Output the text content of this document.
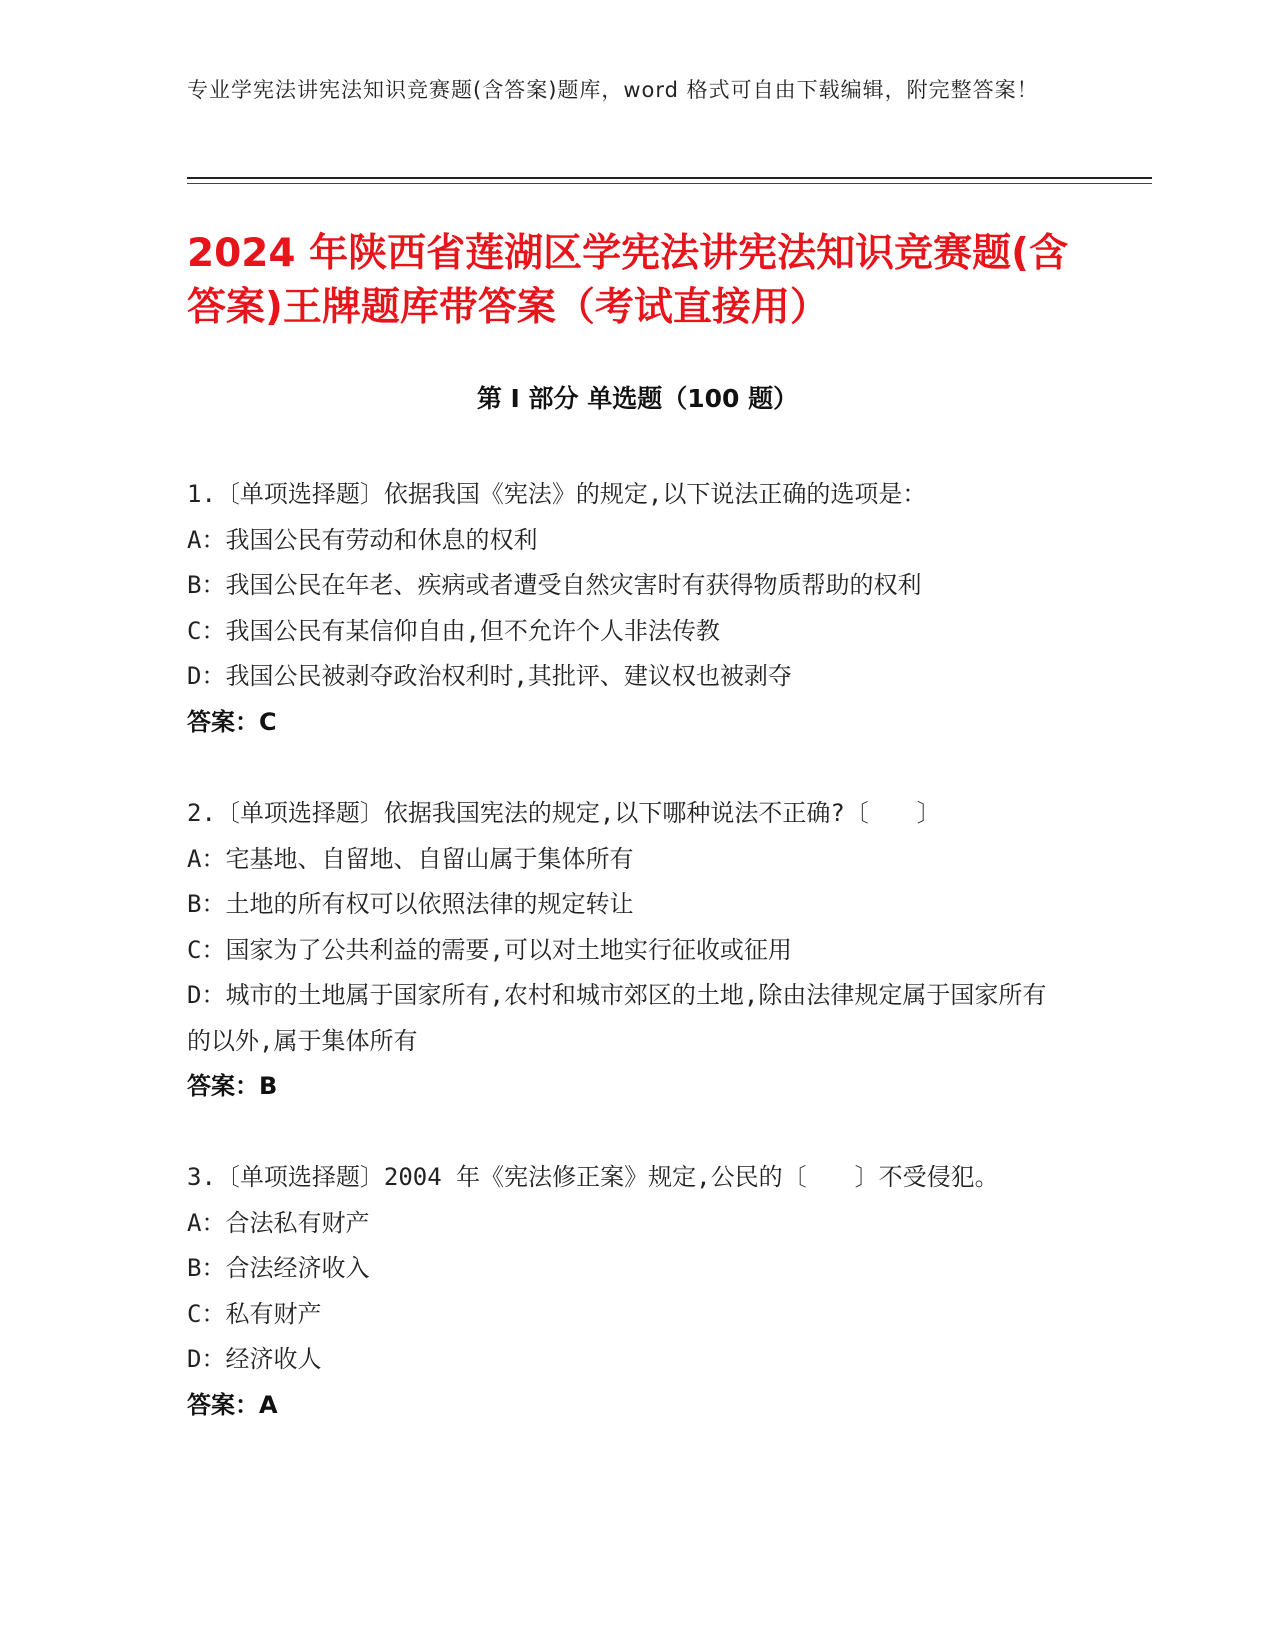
专业学宪法讲宪法知识竞赛题(含答案)题库，word 格式可自由下载编辑，附完整答案！
2024 年陕西省莲湖区学宪法讲宪法知识竞赛题(含答案)王牌题库带答案（考试直接用）
第 I 部分 单选题（100 题）
1.〔单项选择题〕依据我国《宪法》的规定,以下说法正确的选项是：
A：我国公民有劳动和休息的权利
B：我国公民在年老、疾病或者遭受自然灾害时有获得物质帮助的权利
C：我国公民有某信仰自由,但不允许个人非法传教
D：我国公民被剥夺政治权利时,其批评、建议权也被剥夺
答案：C
2.〔单项选择题〕依据我国宪法的规定,以下哪种说法不正确?〔　　〕
A：宅基地、自留地、自留山属于集体所有
B：土地的所有权可以依照法律的规定转让
C：国家为了公共利益的需要,可以对土地实行征收或征用
D：城市的土地属于国家所有,农村和城市郊区的土地,除由法律规定属于国家所有的以外,属于集体所有
答案：B
3.〔单项选择题〕2004 年《宪法修正案》规定,公民的〔　　〕不受侵犯。
A：合法私有财产
B：合法经济收入
C：私有财产
D：经济收人
答案：A
